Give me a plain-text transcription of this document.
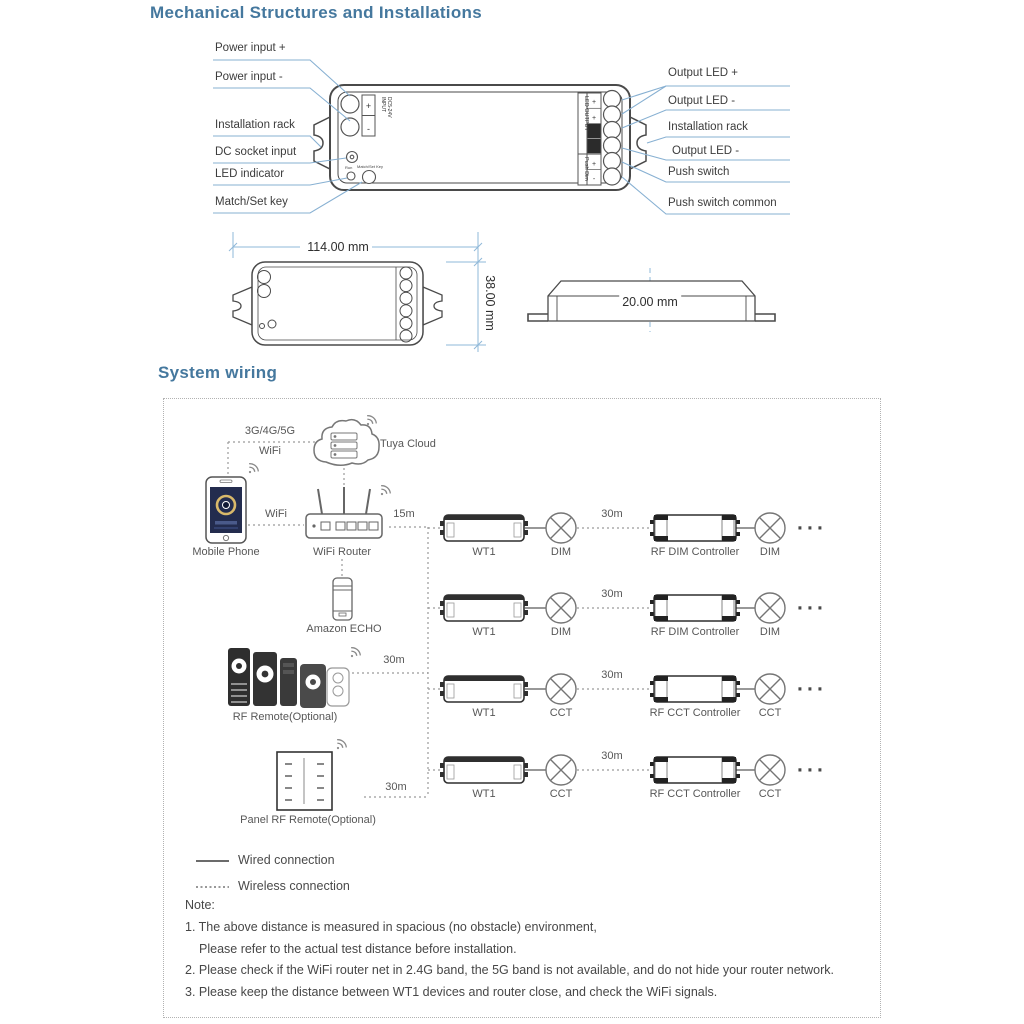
+
-
INPUT DC5-24V
Run Match/Set Key
LED OUTPUT
Push Dim
+
+
+
-
Mechanical Structures and Installations
Power input +
Power input -
Installation rack
DC socket input
LED indicator
Match/Set key
Output LED +
Output LED -
Installation rack
Output LED -
Push switch
Push switch common
114.00 mm
38.00 mm	20.00 mm
System wiring
3G/4G/5G
WiFi
Tuya Cloud
Mobile Phone
WiFi
WiFi Router
15m
Amazon ECHO
RF Remote(Optional)
30m
Panel RF Remote(Optional)
30m
WT1	DIM
30m
RF DIM Controller DIM
···
WT1	DIM
30m
RF DIM Controller DIM
···
WT1	CCT
30m
RF CCT Controller CCT
···
WT1	CCT
30m
RF CCT Controller CCT
···
Wired connection
Wireless connection
Note:
1. The above distance is measured in spacious (no obstacle) environment,
Please refer to the actual test distance before installation.
2. Please check if the WiFi router net in 2.4G band, the 5G band is not available, and do not hide your router network.
3. Please keep the distance between WT1 devices and router close, and check the WiFi signals.
